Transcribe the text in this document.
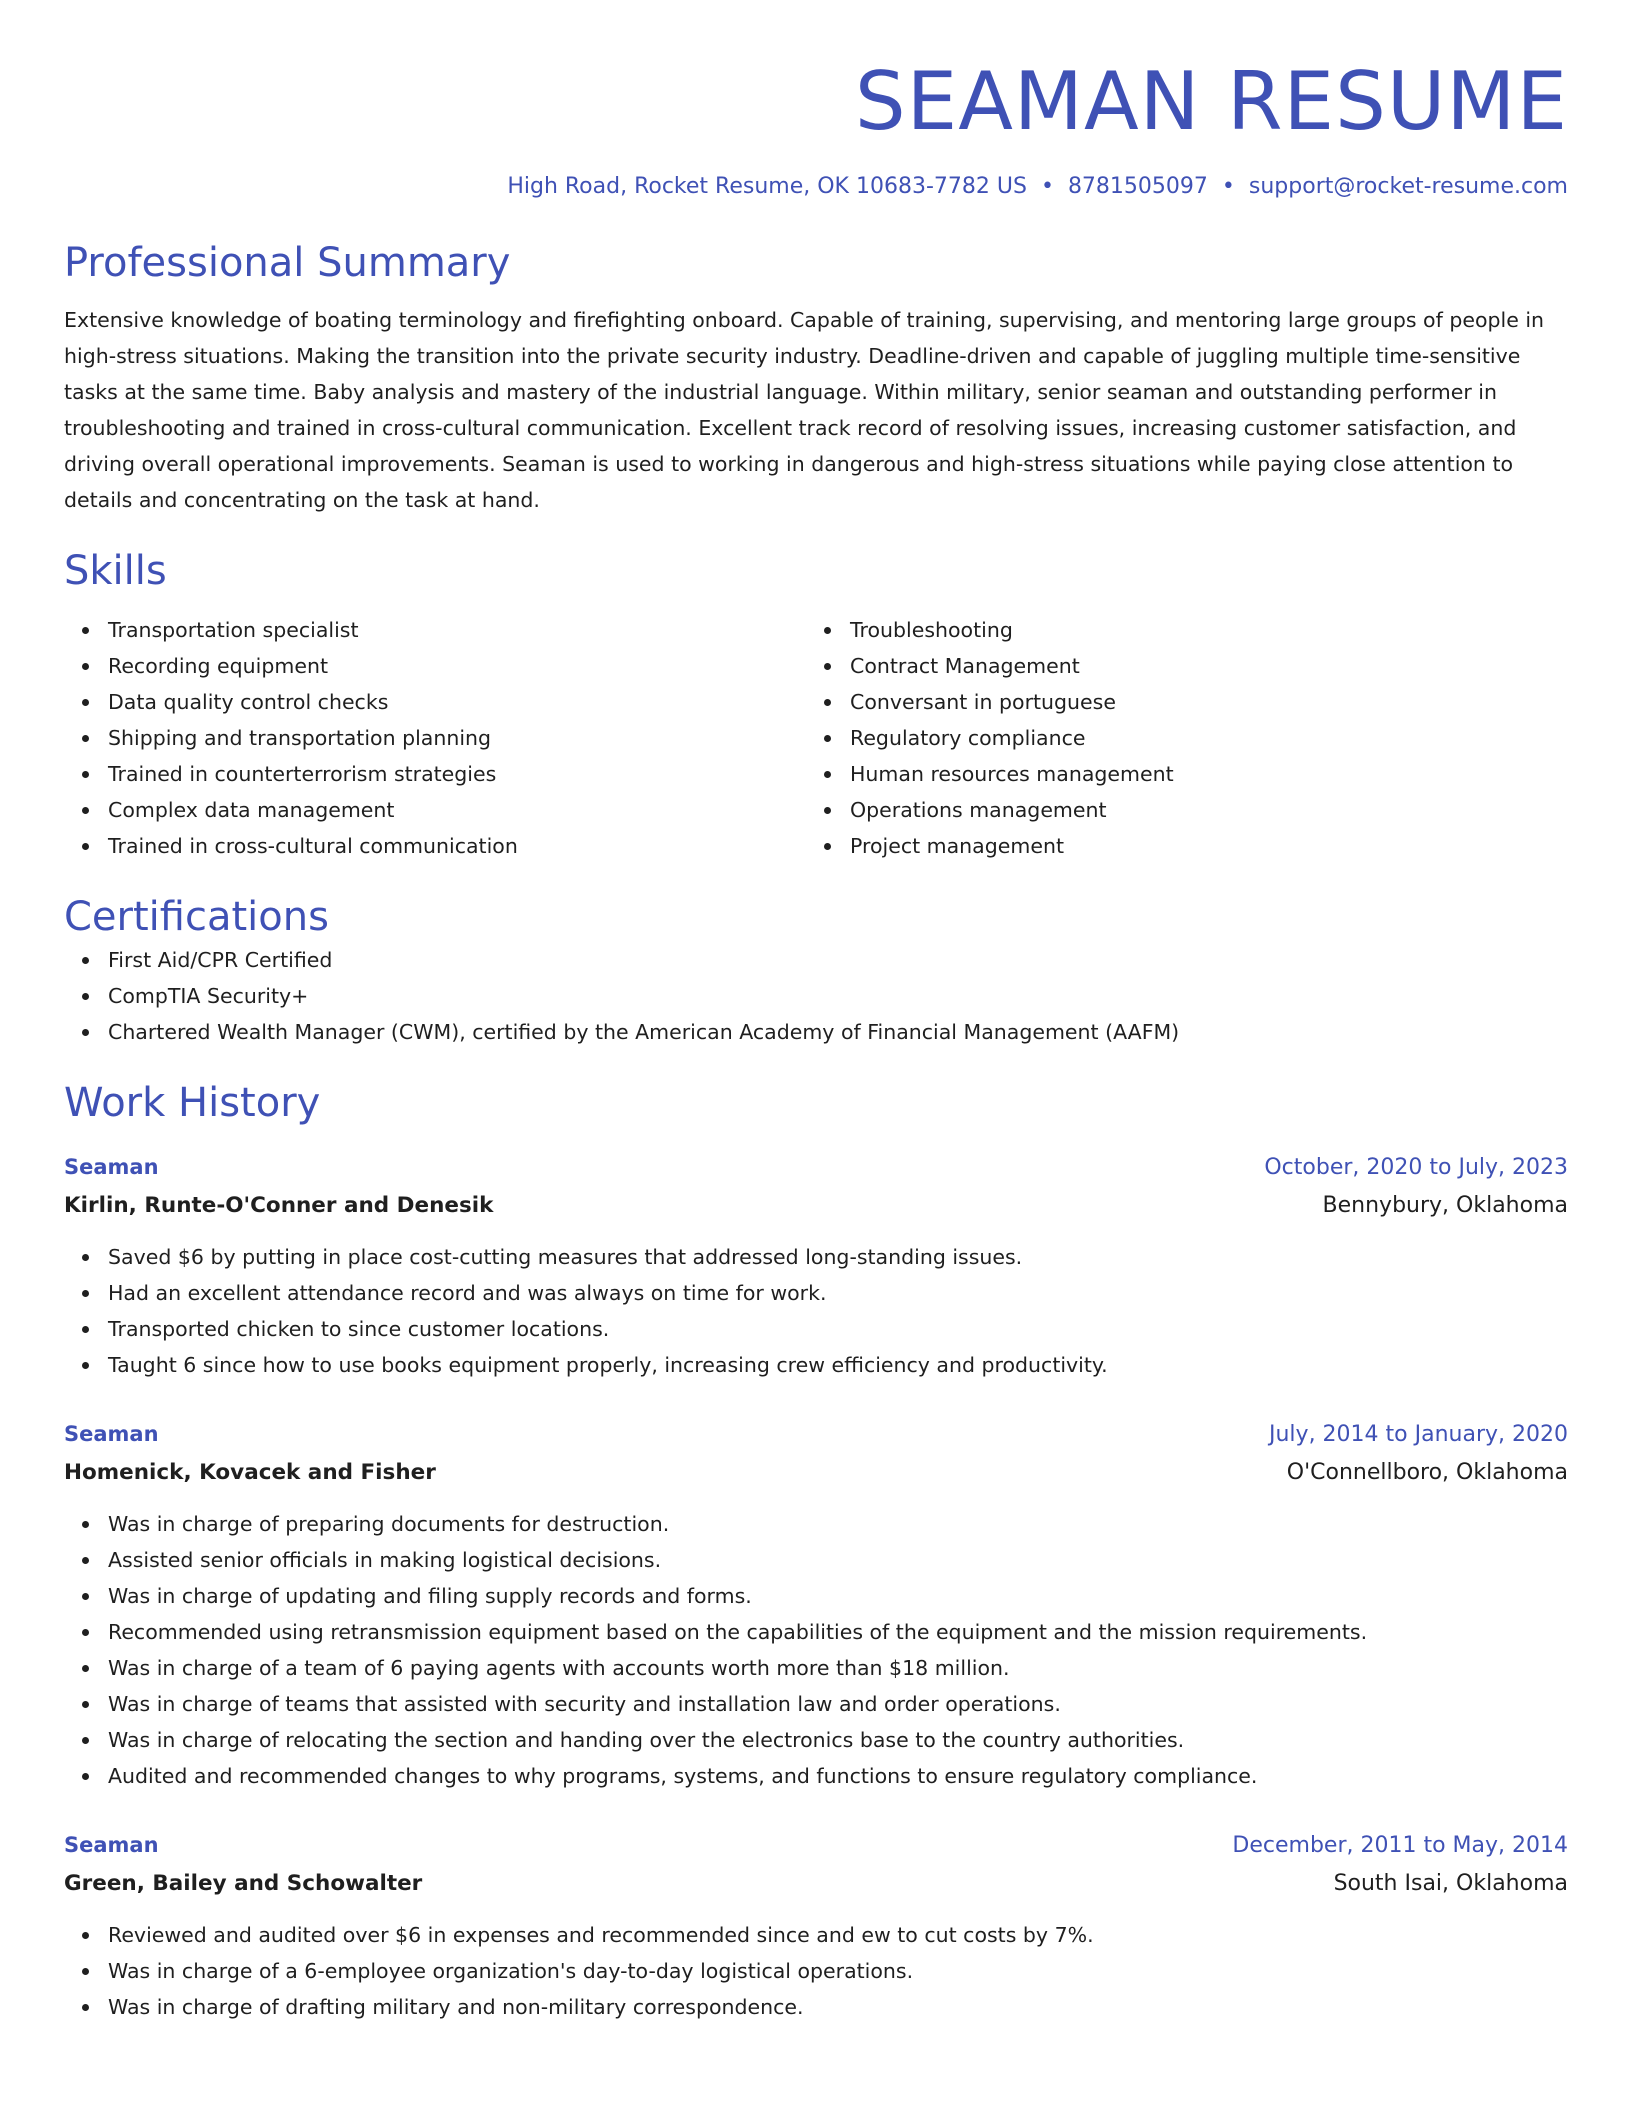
SEAMAN RESUME
High Road, Rocket Resume, OK 10683-7782 US • 8781505097 • support@rocket-resume.com
Professional Summary

Extensive knowledge of boating terminology and firefighting onboard. Capable of training, supervising, and mentoring large groups of people in high-stress situations. Making the transition into the private security industry. Deadline-driven and capable of juggling multiple time-sensitive tasks at the same time. Baby analysis and mastery of the industrial language. Within military, senior seaman and outstanding performer in troubleshooting and trained in cross-cultural communication. Excellent track record of resolving issues, increasing customer satisfaction, and driving overall operational improvements. Seaman is used to working in dangerous and high-stress situations while paying close attention to details and concentrating on the task at hand.

Skills
Transportation specialist
Recording equipment
Data quality control checks
Shipping and transportation planning
Trained in counterterrorism strategies
Complex data management
Trained in cross-cultural communication
Troubleshooting
Contract Management
Conversant in portuguese
Regulatory compliance
Human resources management
Operations management
Project management
Certifications
First Aid/CPR Certified
CompTIA Security+
Chartered Wealth Manager (CWM), certified by the American Academy of Financial Management (AAFM)
Work History
Seaman	October, 2020 to July, 2023
Kirlin, Runte-O'Conner and Denesik	Bennybury, Oklahoma
Saved $6 by putting in place cost-cutting measures that addressed long-standing issues.
Had an excellent attendance record and was always on time for work.
Transported chicken to since customer locations.
Taught 6 since how to use books equipment properly, increasing crew efficiency and productivity.
Seaman	July, 2014 to January, 2020
Homenick, Kovacek and Fisher	O'Connellboro, Oklahoma
Was in charge of preparing documents for destruction.
Assisted senior officials in making logistical decisions.
Was in charge of updating and filing supply records and forms.
Recommended using retransmission equipment based on the capabilities of the equipment and the mission requirements.
Was in charge of a team of 6 paying agents with accounts worth more than $18 million.
Was in charge of teams that assisted with security and installation law and order operations.
Was in charge of relocating the section and handing over the electronics base to the country authorities.
Audited and recommended changes to why programs, systems, and functions to ensure regulatory compliance.
Seaman	December, 2011 to May, 2014
Green, Bailey and Schowalter	South Isai, Oklahoma
Reviewed and audited over $6 in expenses and recommended since and ew to cut costs by 7%.
Was in charge of a 6-employee organization's day-to-day logistical operations.
Was in charge of drafting military and non-military correspondence.
